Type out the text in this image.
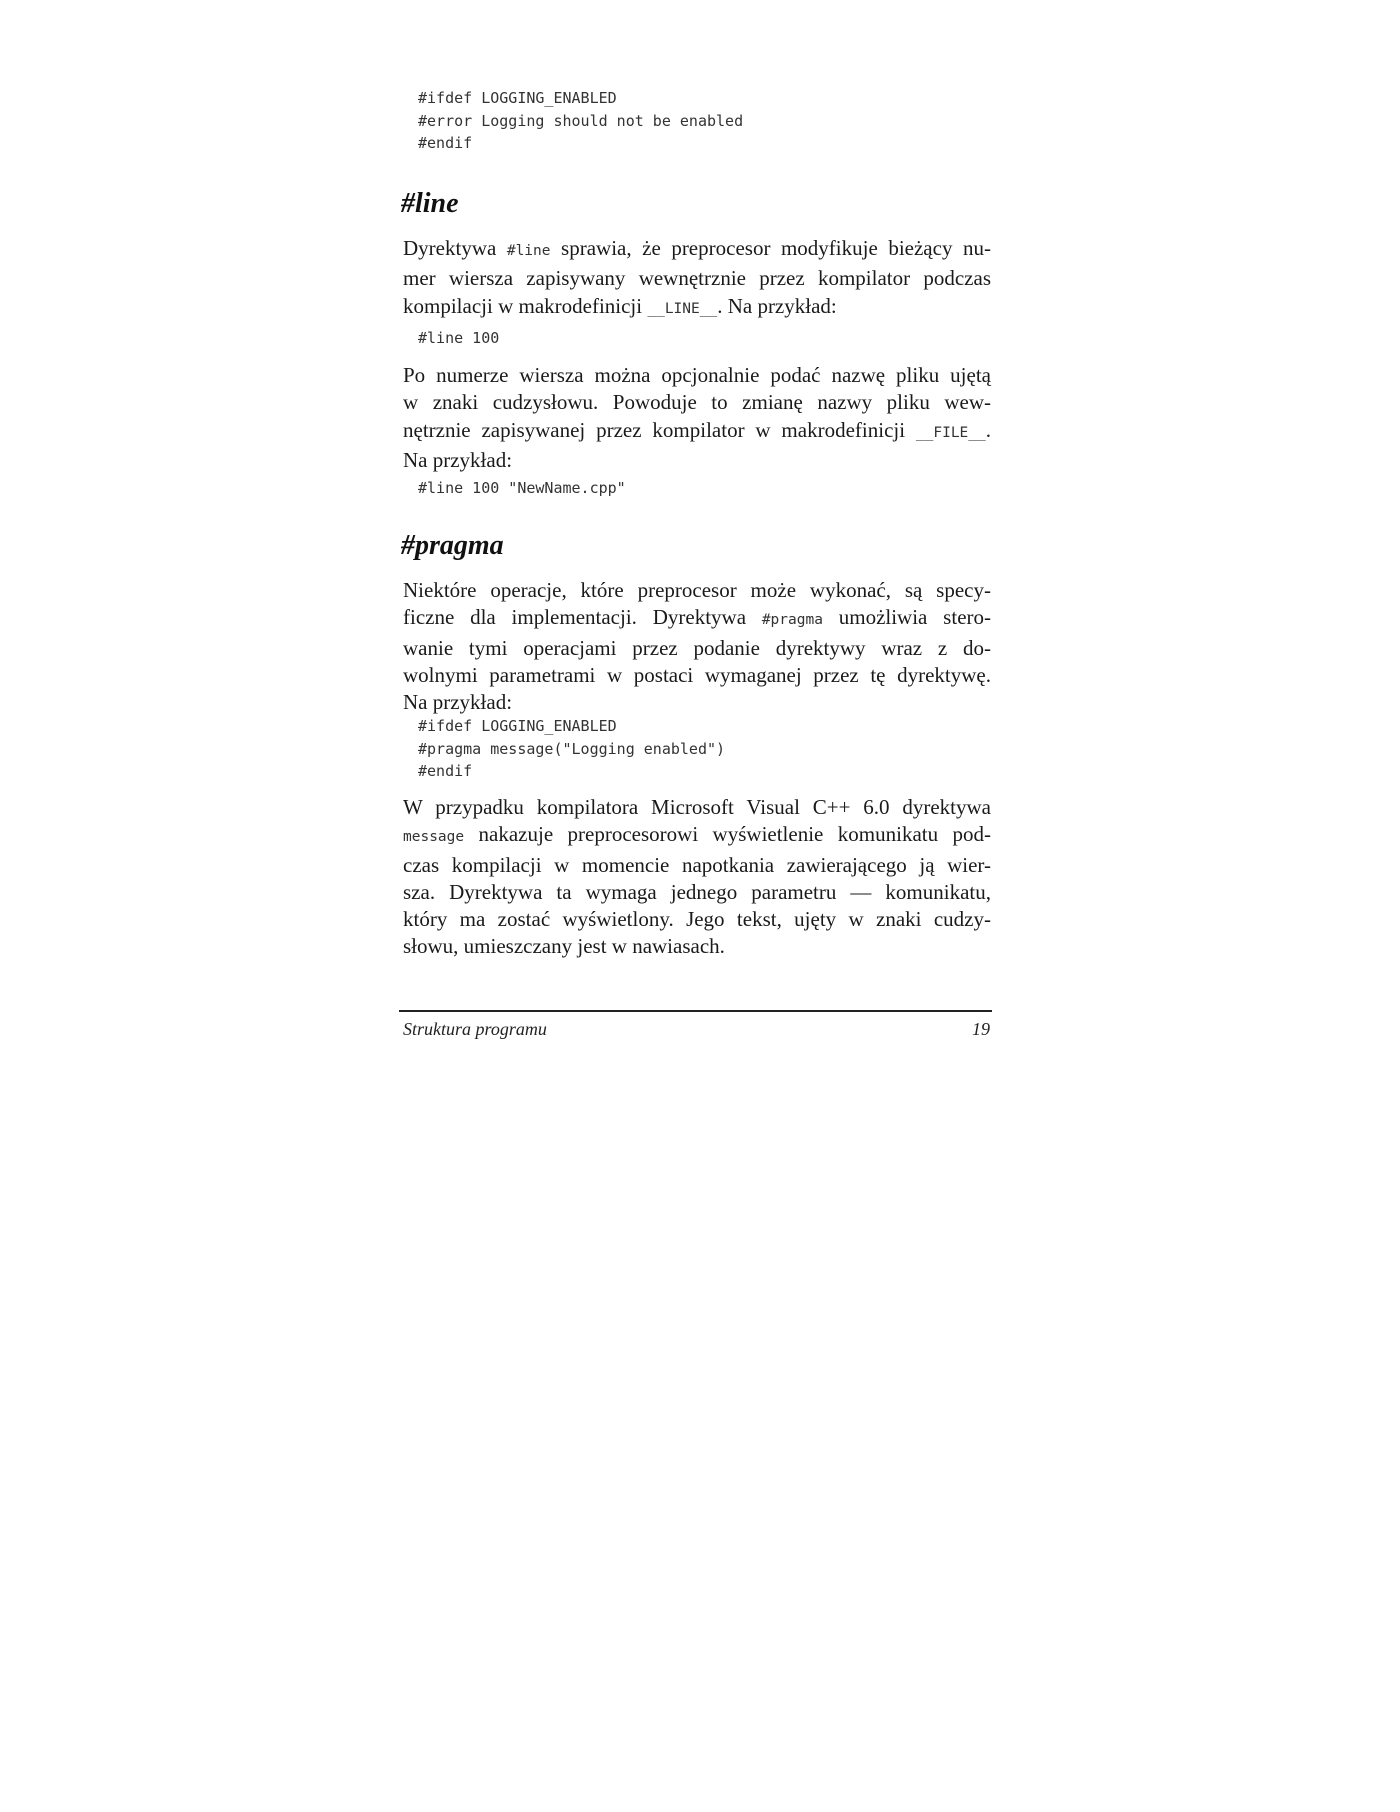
#ifdef LOGGING_ENABLED
#error Logging should not be enabled
#endif
#line
Dyrektywa #line sprawia, że preprocesor modyfikuje bieżący nu-
mer wiersza zapisywany wewnętrznie przez kompilator podczas
kompilacji w makrodefinicji __LINE__. Na przykład:
#line 100
Po numerze wiersza można opcjonalnie podać nazwę pliku ujętą
w znaki cudzysłowu. Powoduje to zmianę nazwy pliku wew-
nętrznie zapisywanej przez kompilator w makrodefinicji __FILE__.
Na przykład:
#line 100 "NewName.cpp"
#pragma
Niektóre operacje, które preprocesor może wykonać, są specy-
ficzne dla implementacji. Dyrektywa #pragma umożliwia stero-
wanie tymi operacjami przez podanie dyrektywy wraz z do-
wolnymi parametrami w postaci wymaganej przez tę dyrektywę.
Na przykład:
#ifdef LOGGING_ENABLED
#pragma message("Logging enabled")
#endif
W przypadku kompilatora Microsoft Visual C++ 6.0 dyrektywa
message nakazuje preprocesorowi wyświetlenie komunikatu pod-
czas kompilacji w momencie napotkania zawierającego ją wier-
sza. Dyrektywa ta wymaga jednego parametru — komunikatu,
który ma zostać wyświetlony. Jego tekst, ujęty w znaki cudzy-
słowu, umieszczany jest w nawiasach.
Struktura programu	19
